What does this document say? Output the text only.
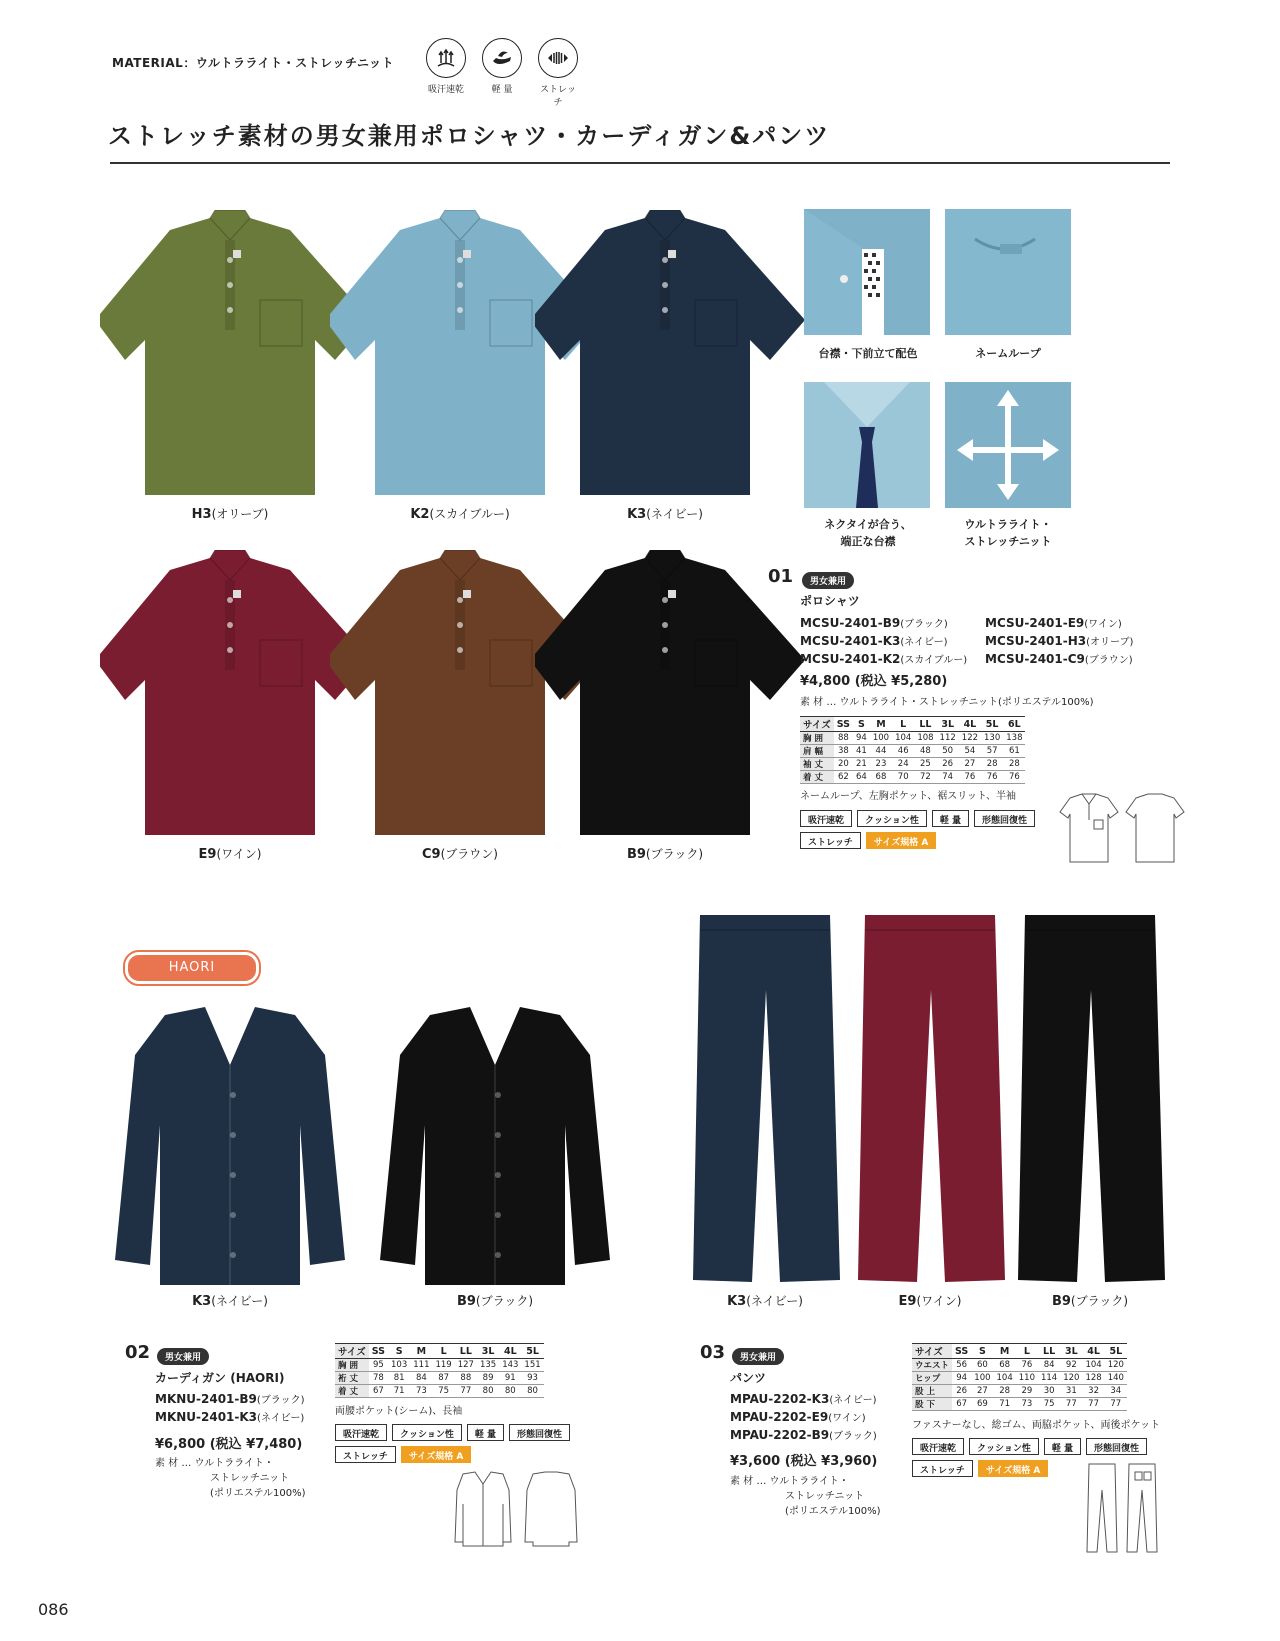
MATERIAL：ウルトラライト・ストレッチニット
吸汗速乾	軽 量	ストレッチ
ストレッチ素材の男女兼用ポロシャツ・カーディガン&パンツ
H3(オリーブ)	K2(スカイブルー)	K3(ネイビー)
E9(ワイン)	C9(ブラウン)	B9(ブラック)
台襟・下前立て配色	ネームループ
ネクタイが合う、
端正な台襟
ウルトラライト・
ストレッチニット
01	男女兼用
ポロシャツ
MCSU-2401-B9(ブラック)
MCSU-2401-K3(ネイビー)
MCSU-2401-K2(スカイブルー)
MCSU-2401-E9(ワイン)
MCSU-2401-H3(オリーブ)
MCSU-2401-C9(ブラウン)
¥4,800 (税込 ¥5,280)
素 材 … ウルトラライト・ストレッチニット(ポリエステル100%)
サイズ	SS	S	M	L	LL	3L	4L	5L	6L
胸 囲	88	94	100	104	108	112	122	130	138
肩 幅	38	41	44	46	48	50	54	57	61
袖 丈	20	21	23	24	25	26	27	28	28
着 丈	62	64	68	70	72	74	76	76	76
ネームループ、左胸ポケット、裾スリット、半袖
吸汗速乾	クッション性	軽 量	形態回復性
ストレッチ	サイズ規格 A
HAORI
K3(ネイビー)	B9(ブラック)
02	男女兼用
カーディガン (HAORI)
MKNU-2401-B9(ブラック)
MKNU-2401-K3(ネイビー)
¥6,800 (税込 ¥7,480)
素 材 … ウルトラライト・
ストレッチニット
(ポリエステル100%)
サイズ	SS	S	M	L	LL	3L	4L	5L
胸 囲	95	103	111	119	127	135	143	151
裄 丈	78	81	84	87	88	89	91	93
着 丈	67	71	73	75	77	80	80	80
両腰ポケット(シーム)、長袖
吸汗速乾	クッション性	軽 量	形態回復性
ストレッチ	サイズ規格 A
K3(ネイビー)	E9(ワイン)	B9(ブラック)
03	男女兼用
パンツ
MPAU-2202-K3(ネイビー)
MPAU-2202-E9(ワイン)
MPAU-2202-B9(ブラック)
¥3,600 (税込 ¥3,960)
素 材 … ウルトラライト・
ストレッチニット
(ポリエステル100%)
サイズ	SS	S	M	L	LL	3L	4L	5L
ウエスト	56	60	68	76	84	92	104	120
ヒップ	94	100	104	110	114	120	128	140
股 上	26	27	28	29	30	31	32	34
股 下	67	69	71	73	75	77	77	77
ファスナーなし、総ゴム、両脇ポケット、両後ポケット
吸汗速乾	クッション性	軽 量	形態回復性
ストレッチ	サイズ規格 A
086
